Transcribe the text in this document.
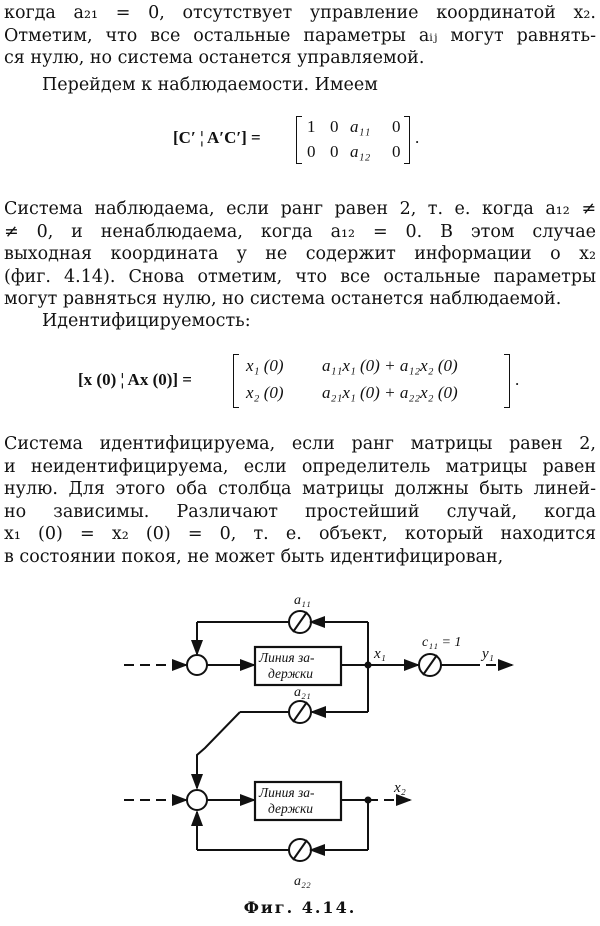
когда a₂₁ = 0, отсутствует управление координатой x₂.
Отметим, что все остальные параметры aᵢⱼ могут равнять-
ся нулю, но система останется управляемой.
Перейдем к наблюдаемости. Имеем
[C′ ¦ A′C′] =
1 0 a₁₁ 0
0 0 a₁₂ 0
.
Система наблюдаема, если ранг равен 2, т. е. когда a₁₂ ≠
≠ 0, и ненаблюдаема, когда a₁₂ = 0. В этом случае
выходная координата y не содержит информации о x₂
(фиг. 4.14). Снова отметим, что все остальные параметры
могут равняться нулю, но система останется наблюдаемой.
Идентифицируемость:
[x (0) ¦ Ax (0)] =
x₁ (0) a₁₁x₁ (0) + a₁₂x₂ (0)
x₂ (0) a₂₁x₁ (0) + a₂₂x₂ (0)
.
Система идентифицируема, если ранг матрицы равен 2,
и неидентифицируема, если определитель матрицы равен
нулю. Для этого оба столбца матрицы должны быть линей-
но зависимы. Различают простейший случай, когда
x₁ (0) = x₂ (0) = 0, т. е. объект, который находится
в состоянии покоя, не может быть идентифицирован,
Линия за-
держки
Линия за-
держки
a₁₁
a₂₁
a₂₂
c₁₁ = 1
x₁	y₁
x₂
Фиг. 4.14.
